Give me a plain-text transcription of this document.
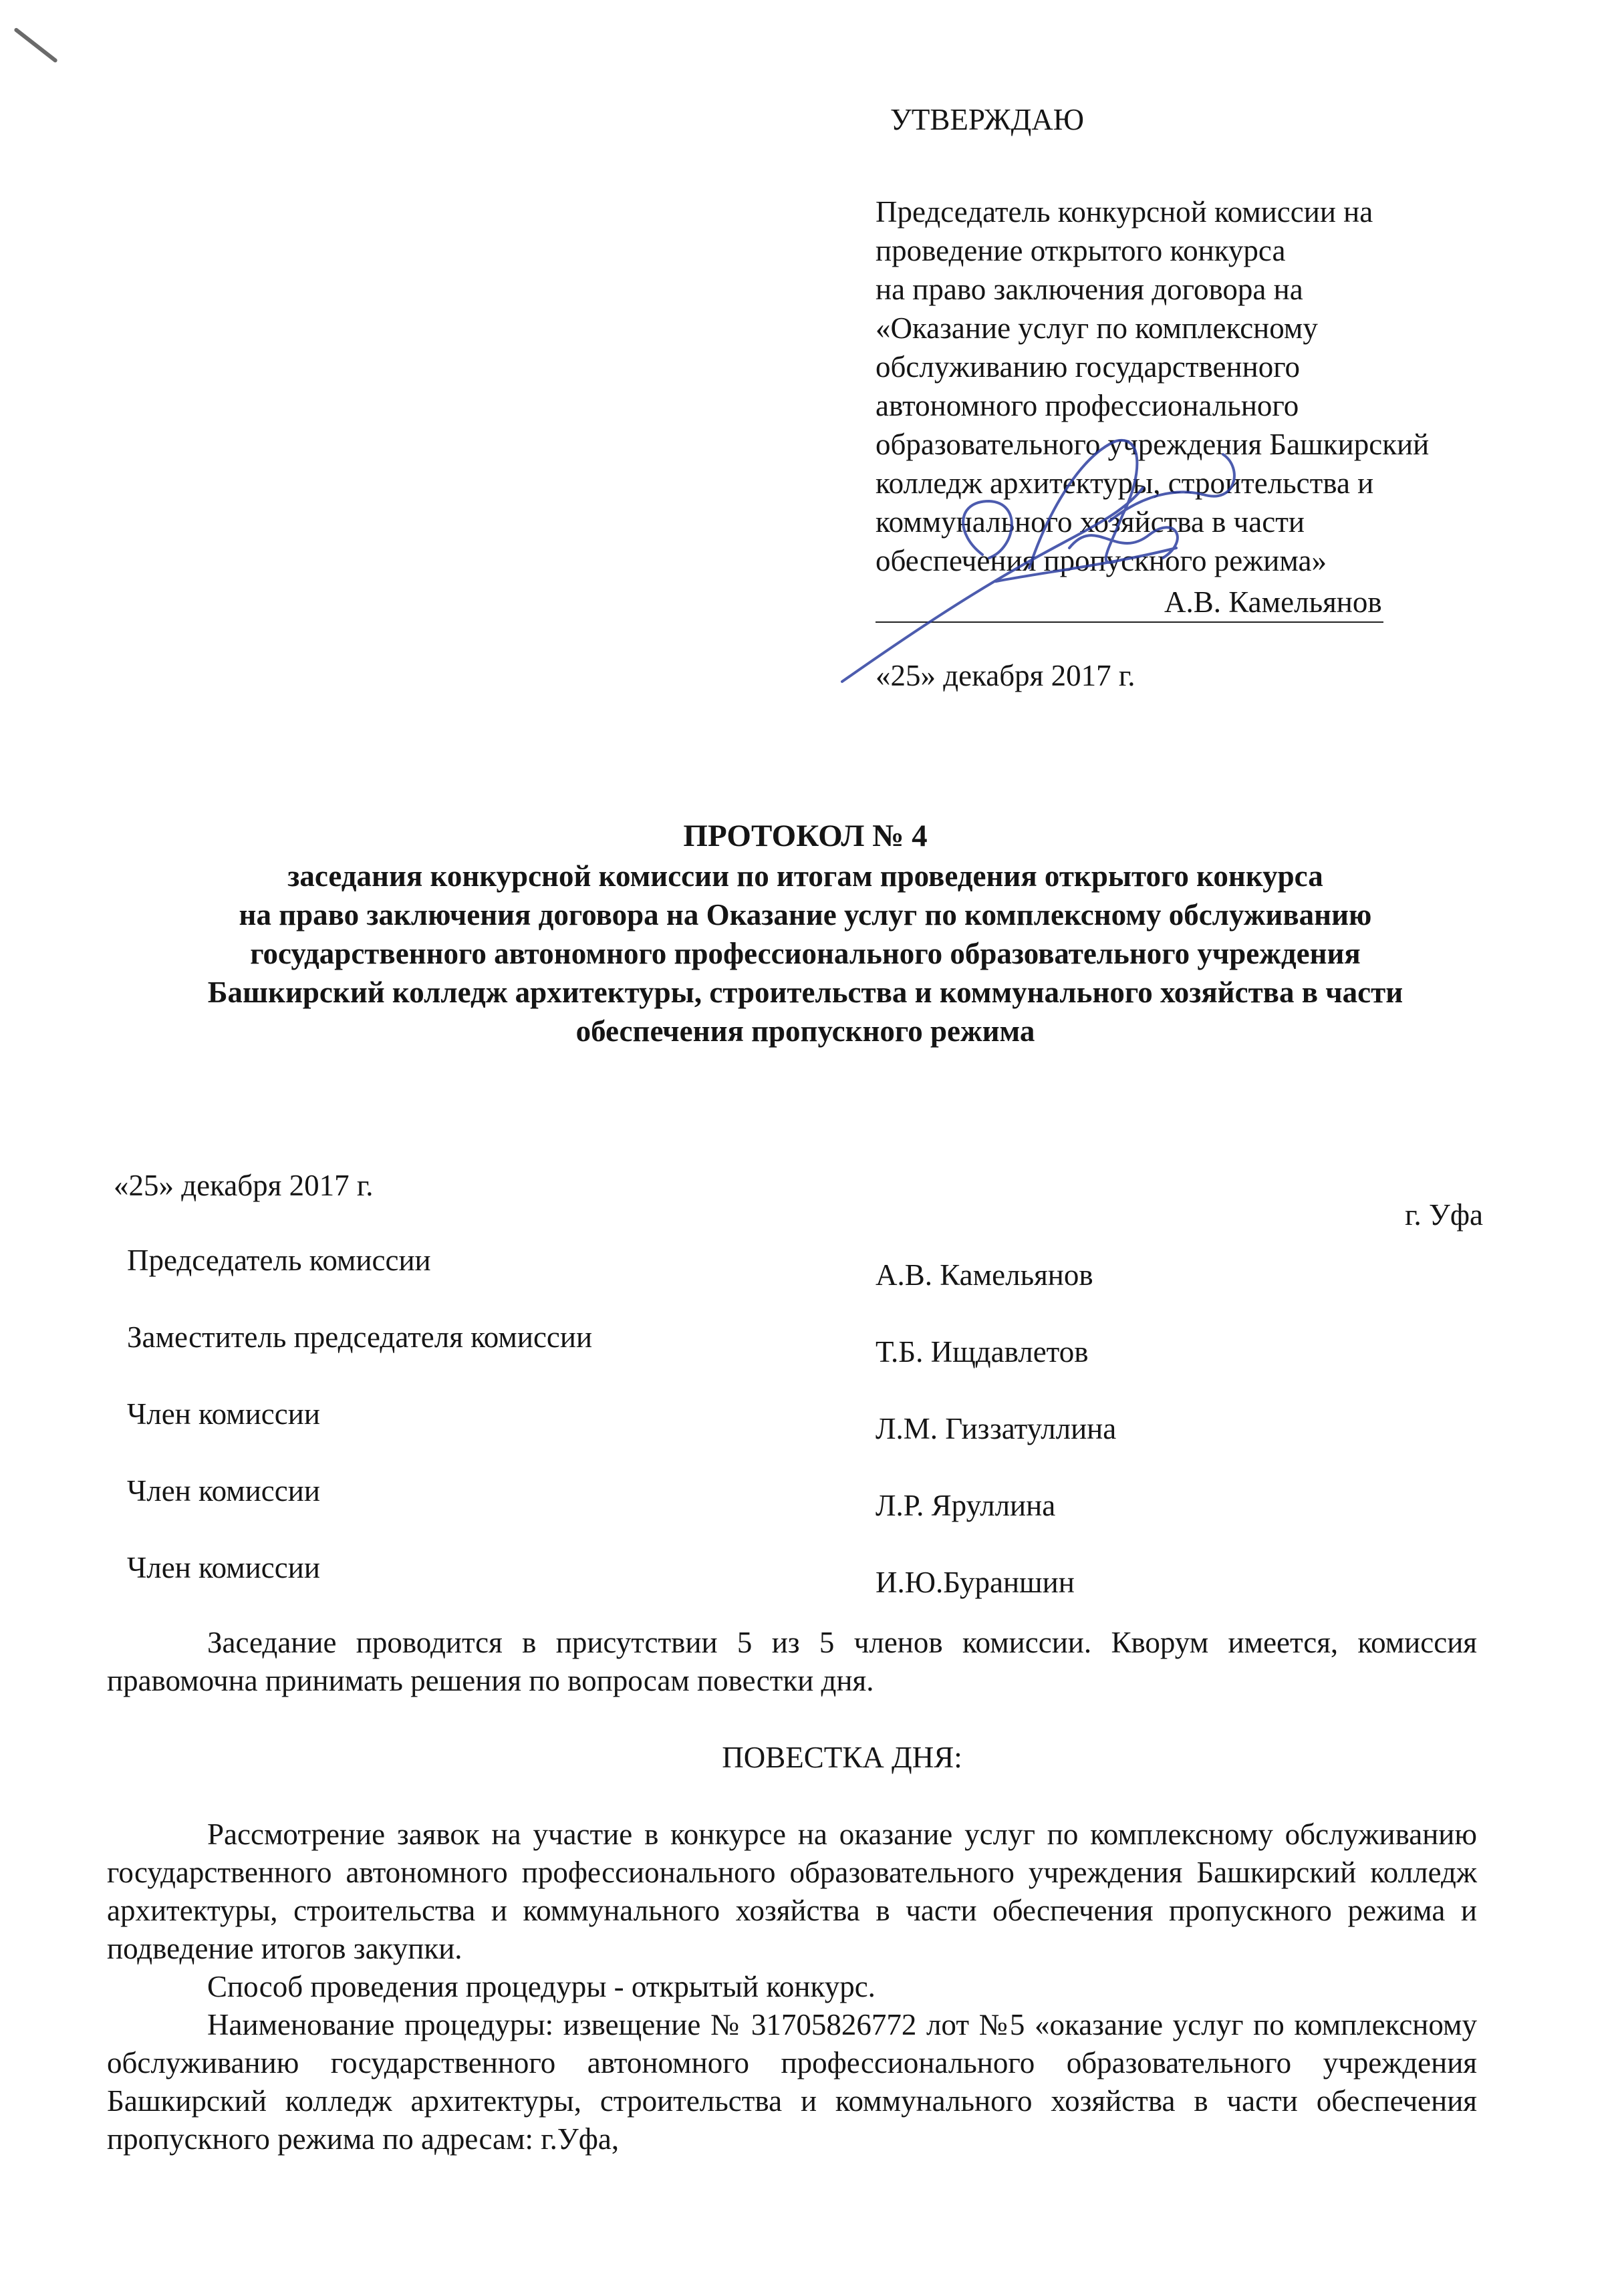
УТВЕРЖДАЮ

Председатель конкурсной комиссии на

проведение открытого конкурса

на право заключения договора на

«Оказание услуг по комплексному

обслуживанию государственного

автономного профессионального

образовательного учреждения Башкирский

колледж архитектуры, строительства и

коммунального хозяйства в части

обеспечения пропускного режима»

А.В. Камельянов

«25» декабря 2017 г.

ПРОТОКОЛ № 4

заседания конкурсной комиссии по итогам проведения открытого конкурса

на право заключения договора на Оказание услуг по комплексному обслуживанию

государственного автономного профессионального образовательного учреждения

Башкирский колледж архитектуры, строительства и коммунального хозяйства в части

обеспечения пропускного режима

«25» декабря 2017 г.
г. Уфа
Председатель комиссии	А.В. Камельянов
Заместитель председателя комиссии	Т.Б. Ищдавлетов
Член комиссии	Л.М. Гиззатуллина
Член комиссии	Л.Р. Яруллина
Член комиссии	И.Ю.Бураншин

Заседание проводится в присутствии 5 из 5 членов комиссии. Кворум имеется, комиссия правомочна принимать решения по вопросам повестки дня.

ПОВЕСТКА ДНЯ:

Рассмотрение заявок на участие в конкурсе на оказание услуг по комплексному обслуживанию государственного автономного профессионального образовательного учреждения Башкирский колледж архитектуры, строительства и коммунального хозяйства в части обеспечения пропускного режима и подведение итогов закупки.

Способ проведения процедуры - открытый конкурс.

Наименование процедуры: извещение № 31705826772 лот №5 «оказание услуг по комплексному обслуживанию государственного автономного профессионального образовательного учреждения Башкирский колледж архитектуры, строительства и коммунального хозяйства в части обеспечения пропускного режима по адресам: г.Уфа,
